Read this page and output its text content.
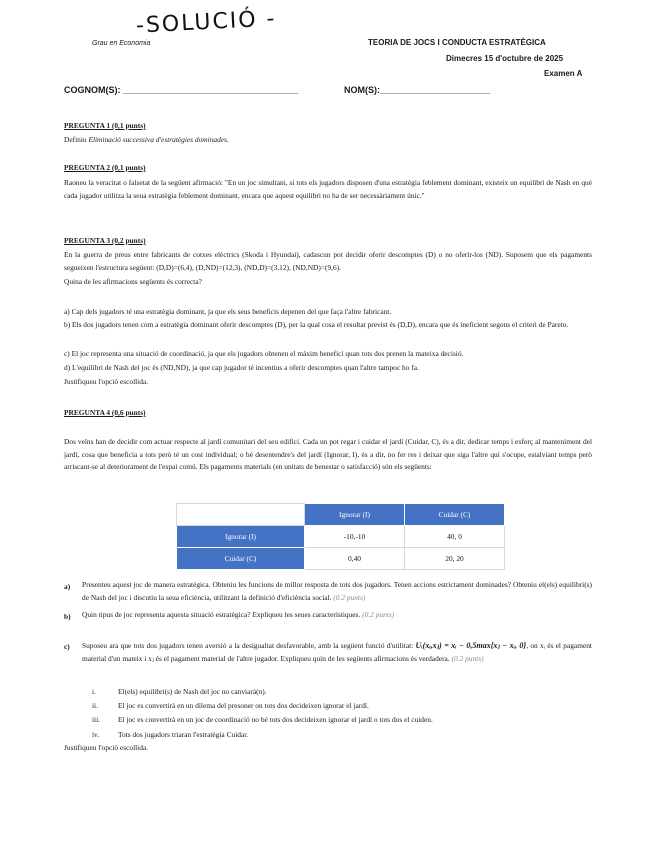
-SOLUCIÓ -
Grau en Economia	TEORIA DE JOCS I CONDUCTA ESTRATÈGICA
Dimecres 15 d'octubre de 2025
Examen A
COGNOM(S): ___________________________________	NOM(S):______________________
PREGUNTA 1 (0,1 punts)
Definiu Eliminació successiva d'estratègies dominades.
PREGUNTA 2 (0,1 punts)
Raoneu la veracitat o falsetat de la següent afirmació: "En un joc simultani, si tots els jugadors disposen d'una estratègia feblement dominant, existeix un equilibri de Nash en què cada jugador utilitza la seua estratègia feblement dominant, encara que aquest equilibri no ha de ser necessàriament únic."
PREGUNTA 3 (0,2 punts)
En la guerra de preus entre fabricants de cotxes elèctrics (Skoda i Hyundai), cadascun pot decidir oferir descomptes (D) o no oferir-los (ND). Suposem que els pagaments segueixen l'estructura següent: (D,D)=(6,4), (D,ND)=(12,3), (ND,D)=(3,12), (ND,ND)=(9,6).
Quina de les afirmacions següents és correcta?
a) Cap dels jugadors té una estratègia dominant, ja que els seus beneficis depenen del que faça l'altre fabricant.
b) Els dos jugadors tenen com a estratègia dominant oferir descomptes (D), per la qual cosa el resultat previst és (D,D), encara que és ineficient segons el criteri de Pareto.
c) El joc representa una situació de coordinació, ja que els jugadors obtenen el màxim benefici quan tots dos prenen la mateixa decisió.
d) L'equilibri de Nash del joc és (ND,ND), ja que cap jugador té incentius a oferir descomptes quan l'altre tampoc ho fa.
Justifiqueu l'opció escollida.
PREGUNTA 4 (0,6 punts)
Dos veïns han de decidir com actuar respecte al jardí comunitari del seu edifici. Cada un pot regar i cuidar el jardí (Cuidar, C), és a dir, dedicar temps i esforç al manteniment del jardí, cosa que beneficia a tots però té un cost individual; o bé desentendre's del jardí (Ignorar, I), és a dir, no fer res i deixar que siga l'altre qui s'ocupe, estalviant temps però arriscant-se al deteriorament de l'espai comú. Els pagaments materials (en unitats de benestar o satisfacció) són els següents:
	Ignorar (I)	Cuidar (C)
Ignorar (I)	-10,-10	40, 0
Cuidar (C)	0,40	20, 20
a) Presenteu aquest joc de manera estratègica. Obteniu les funcions de millor resposta de tots dos jugadors. Tenen accions estrictament dominades? Obteniu el(els) equilibri(s) de Nash del joc i discutiu la seua eficiència, utilitzant la definició d'eficiència social. (0.2 punts)
b) Quin tipus de joc representa aquesta situació estratègica? Expliqueu les seues característiques. (0.2 punts)
c) Suposeu ara que tots dos jugadors tenen aversió a la desigualtat desfavorable, amb la següent funció d'utilitat: Uᵢ(xᵢ,xⱼ) = xᵢ − 0,5max{xⱼ − xᵢ, 0}, on xᵢ és el pagament material d'un mateix i xⱼ és el pagament material de l'altre jugador. Expliqueu quin de les següents afirmacions és verdadera. (0.2 punts)
i.	El(els) equilibri(s) de Nash del joc no canviarà(n).
ii.	El joc es convertirà en un dilema del presoner on tots dos decideixen ignorar el jardí.
iii. El joc es convertirà en un joc de coordinació no bé tots dos decideixen ignorar el jardí o tots dos el cuiden.
iv.	Tots dos jugadors triaran l'estratègia Cuidar.
Justifiqueu l'opció escollida.
